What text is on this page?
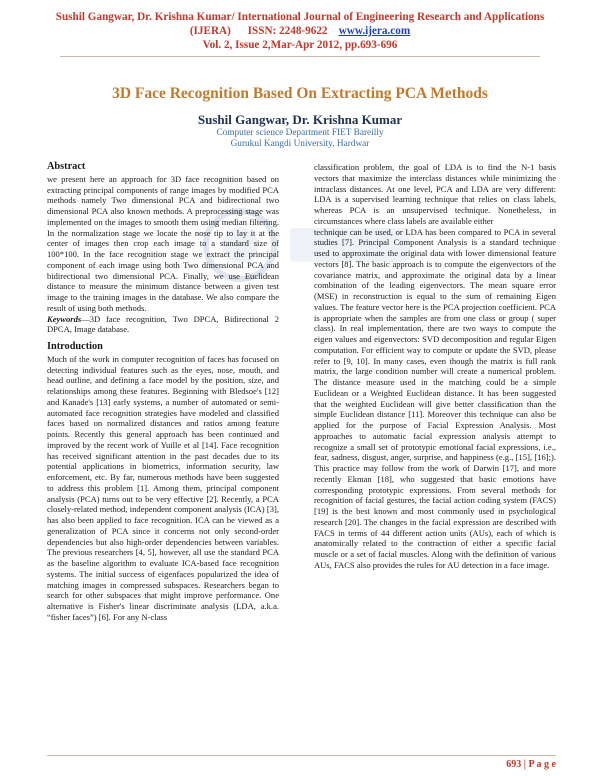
Sushil Gangwar, Dr. Krishna Kumar/ International Journal of Engineering Research and Applications
(IJERA) ISSN: 2248-9622 www.ijera.com
Vol. 2, Issue 2,Mar-Apr 2012, pp.693-696
3D Face Recognition Based On Extracting PCA Methods
Sushil Gangwar, Dr. Krishna Kumar
Computer science Department FIET Bareilly
Gurukul Kangdi University, Hardwar
Abstract

we present here an approach for 3D face recognition based on extracting principal components of range images by modified PCA methods namely Two dimensional PCA and bidirectional two dimensional PCA also known methods. A preprocessing stage was implemented on the images to smooth them using median filtering. In the normalization stage we locate the nose tip to lay it at the center of images then crop each image to a standard size of 100*100. In the face recognition stage we extract the principal component of each image using both Two dimensional PCA and bidirectional two dimensional PCA. Finally, we use Euclidean distance to measure the minimum distance between a given test image to the training images in the database. We also compare the result of using both methods.

Keywords—3D face recognition, Two DPCA, Bidirectional 2 DPCA, Image database.

Introduction

Much of the work in computer recognition of faces has focused on detecting individual features such as the eyes, nose, mouth, and head outline, and defining a face model by the position, size, and relationships among these features. Beginning with Bledsoe's [12] and Kanade's [13] early systems, a number of automated or semi-automated face recognition strategies have modeled and classified faces based on normalized distances and ratios among feature points. Recently this general approach has been continued and improved by the recent work of Yuille et al [14]. Face recognition has received significant attention in the past decades due to its potential applications in biometrics, information security, law enforcement, etc. By far, numerous methods have been suggested to address this problem [1]. Among them, principal component analysis (PCA) turns out to be very effective [2]. Recently, a PCA closely-related method, independent component analysis (ICA) [3], has also been applied to face recognition. ICA can be viewed as a generalization of PCA since it concerns not only second-order dependencies but also high-order dependencies between variables. The previous researchers [4, 5], however, all use the standard PCA as the baseline algorithm to evaluate ICA-based face recognition systems. The initial success of eigenfaces popularized the idea of matching images in compressed subspaces. Researchers began to search for other subspaces that might improve performance. One alternative is Fisher's linear discriminate analysis (LDA, a.k.a. “fisher faces”) [6]. For any N-class

classification problem, the goal of LDA is to find the N-1 basis vectors that maximize the interclass distances while minimizing the intraclass distances. At one level, PCA and LDA are very different: LDA is a supervised learning technique that relies on class labels, whereas PCA is an unsupervised technique. Nonetheless, in circumstances where class labels are available either

technique can be used, or LDA has been compared to PCA in several studies [7]. Principal Component Analysis is a standard technique used to approximate the original data with lower dimensional feature vectors [8]. The basic approach is to compute the eigenvectors of the covariance matrix, and approximate the original data by a linear combination of the leading eigenvectors. The mean square error (MSE) in reconstruction is equal to the sum of remaining Eigen values. The feature vector here is the PCA projection coefficient. PCA is appropriate when the samples are from one class or group ( super class). In real implementation, there are two ways to compute the eigen values and eigenvectors: SVD decomposition and regular Eigen computation. For efficient way to compute or update the SVD, please refer to [9, 10]. In many cases, even though the matrix is full rank matrix, the large condition number will create a numerical problem. The distance measure used in the matching could be a simple Euclidean or a Weighted Euclidean distance. It has been suggested that the weighted Euclidean will give better classification than the simple Euclidean distance [11]. Moreover this technique can also be applied for the purpose of Facial Expression Analysis. Most approaches to automatic facial expression analysis attempt to recognize a small set of prototypic emotional facial expressions, i.e., fear, sadness, disgust, anger, surprise, and happiness (e.g., [15], [16];). This practice may follow from the work of Darwin [17], and more recently Ekman [18], who suggested that basic emotions have corresponding prototypic expressions. From several methods for recognition of facial gestures, the facial action coding system (FACS) [19] is the best known and most commonly used in psychological research [20]. The changes in the facial expression are described with FACS in terms of 44 different action units (AUs), each of which is anatomically related to the contraction of either a specific facial muscle or a set of facial muscles. Along with the definition of various AUs, FACS also provides the rules for AU detection in a face image.

693 | P a g e
